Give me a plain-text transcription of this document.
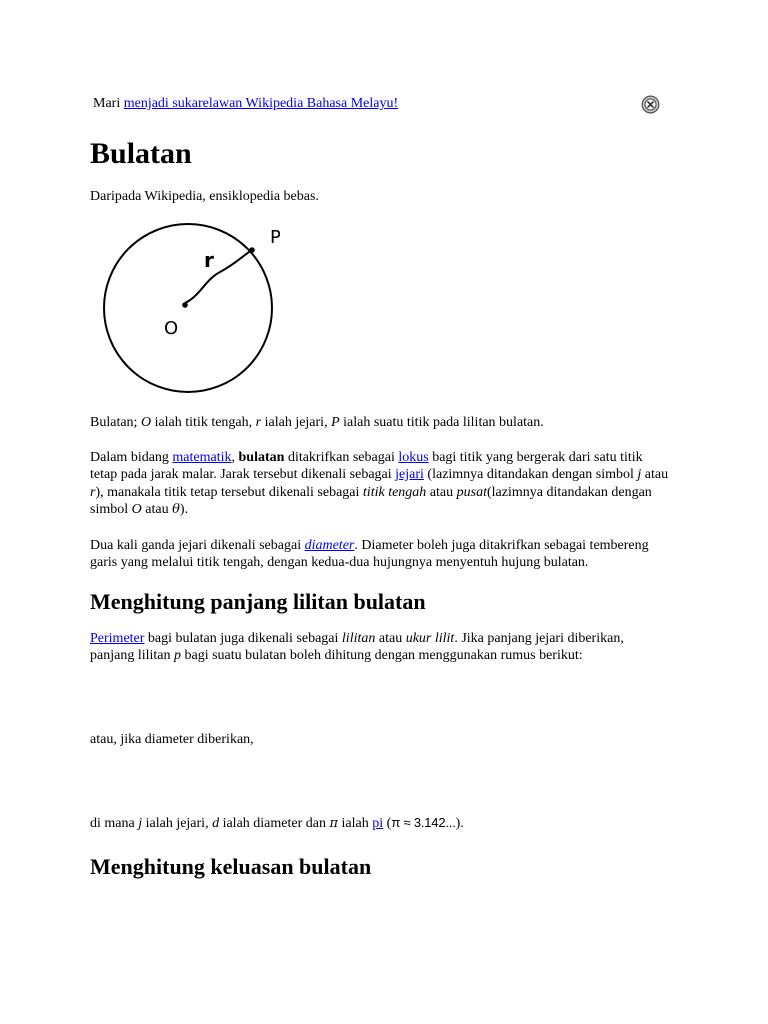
Mari menjadi sukarelawan Wikipedia Bahasa Melayu!
Bulatan
Daripada Wikipedia, ensiklopedia bebas.
r
P
O

Bulatan; O ialah titik tengah, r ialah jejari, P ialah suatu titik pada lilitan bulatan.

Dalam bidang matematik, bulatan ditakrifkan sebagai lokus bagi titik yang bergerak dari satu titik tetap pada jarak malar. Jarak tersebut dikenali sebagai jejari (lazimnya ditandakan dengan simbol j atau r), manakala titik tetap tersebut dikenali sebagai titik tengah atau pusat(lazimnya ditandakan dengan simbol O atau θ).

Dua kali ganda jejari dikenali sebagai diameter. Diameter boleh juga ditakrifkan sebagai tembereng garis yang melalui titik tengah, dengan kedua-dua hujungnya menyentuh hujung bulatan.

Menghitung panjang lilitan bulatan

Perimeter bagi bulatan juga dikenali sebagai lilitan atau ukur lilit. Jika panjang jejari diberikan, panjang lilitan p bagi suatu bulatan boleh dihitung dengan menggunakan rumus berikut:

atau, jika diameter diberikan,

di mana j ialah jejari, d ialah diameter dan π ialah pi (π ≈ 3.142...).

Menghitung keluasan bulatan
